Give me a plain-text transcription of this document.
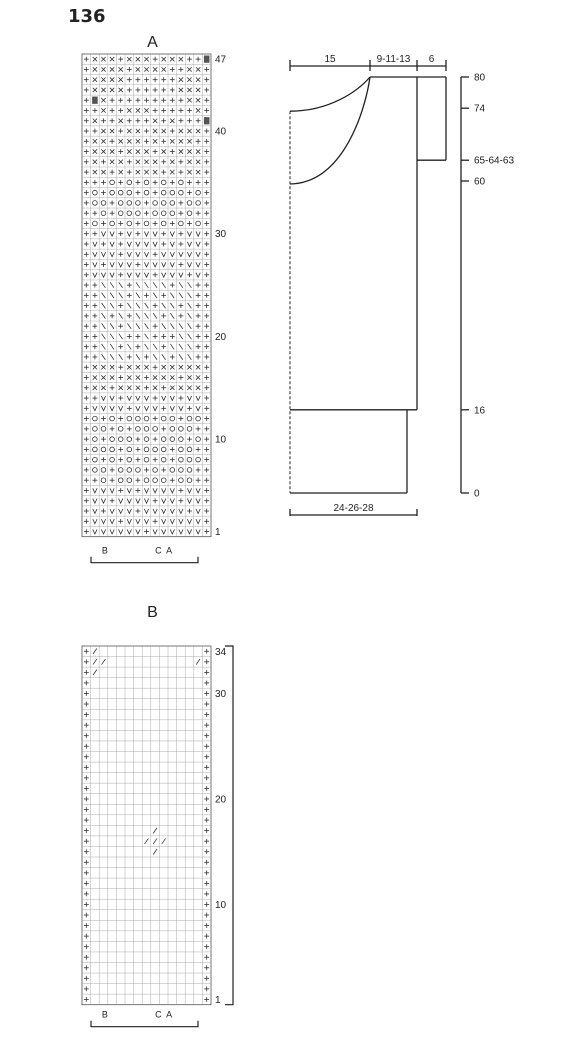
136
A
47
40
30
20
10
1
B	C A
B
34
30
20
10
1
B	C A
15	9-11-13 6
24-26-28
80
74
65-64-63
60
16
0
